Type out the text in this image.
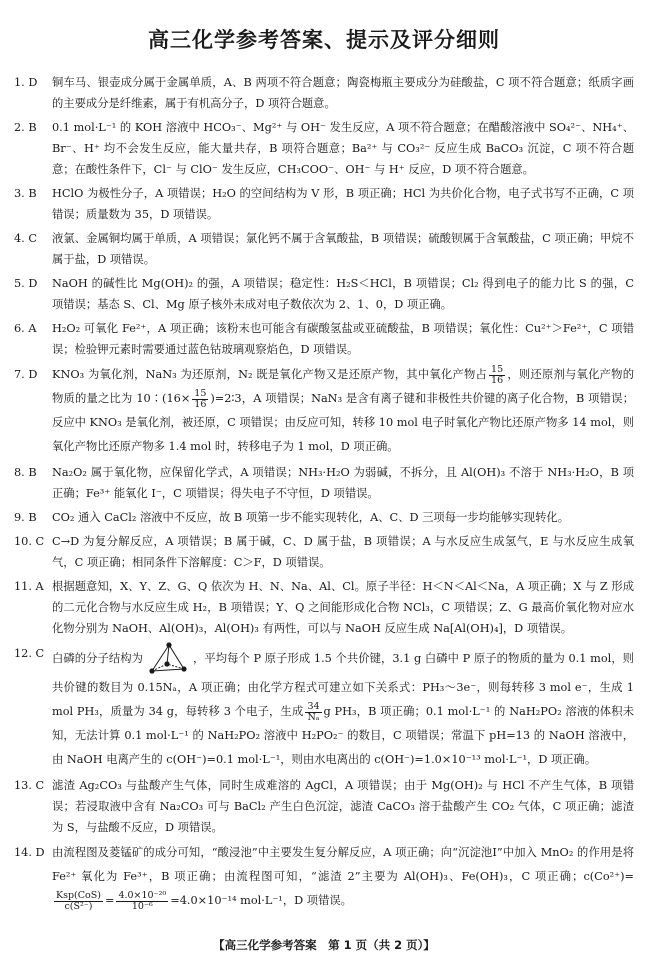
高三化学参考答案、提示及评分细则
1. D	铜车马、银壶成分属于金属单质，A、B 两项不符合题意；陶瓷梅瓶主要成分为硅酸盐，C 项不符合题意；纸质字画的主要成分是纤维素，属于有机高分子，D 项符合题意。
2. B	0.1 mol·L⁻¹ 的 KOH 溶液中 HCO₃⁻、Mg²⁺ 与 OH⁻ 发生反应，A 项不符合题意；在醋酸溶液中 SO₄²⁻、NH₄⁺、Br⁻、H⁺ 均不会发生反应，能大量共存，B 项符合题意；Ba²⁺ 与 CO₃²⁻ 反应生成 BaCO₃ 沉淀，C 项不符合题意；在酸性条件下，Cl⁻ 与 ClO⁻ 发生反应，CH₃COO⁻、OH⁻ 与 H⁺ 反应，D 项不符合题意。
3. B	HClO 为极性分子，A 项错误；H₂O 的空间结构为 V 形，B 项正确；HCl 为共价化合物，电子式书写不正确，C 项错误；质量数为 35，D 项错误。
4. C	液氯、金属铜均属于单质，A 项错误；氯化钙不属于含氧酸盐，B 项错误；硫酸钡属于含氧酸盐，C 项正确；甲烷不属于盐，D 项错误。
5. D	NaOH 的碱性比 Mg(OH)₂ 的强，A 项错误；稳定性：H₂S＜HCl，B 项错误；Cl₂ 得到电子的能力比 S 的强，C 项错误；基态 S、Cl、Mg 原子核外未成对电子数依次为 2、1、0，D 项正确。
6. A	H₂O₂ 可氧化 Fe²⁺，A 项正确；该粉末也可能含有碳酸氢盐或亚硫酸盐，B 项错误；氧化性：Cu²⁺＞Fe²⁺，C 项错误；检验钾元素时需要通过蓝色钴玻璃观察焰色，D 项错误。
7. D	KNO₃ 为氧化剂，NaN₃ 为还原剂，N₂ 既是氧化产物又是还原产物，其中氧化产物占 $\frac{15}{16}$ ，则还原剂与氧化产物的物质的量之比为 10∶(16× $\frac{15}{16}$ )=2∶3，A 项错误；NaN₃ 是含有离子键和非极性共价键的离子化合物，B 项错误；反应中 KNO₃ 是氧化剂，被还原，C 项错误；由反应可知，转移 10 mol 电子时氧化产物比还原产物多 14 mol，则氧化产物比还原产物多 1.4 mol 时，转移电子为 1 mol，D 项正确。
8. B	Na₂O₂ 属于氧化物，应保留化学式，A 项错误；NH₃·H₂O 为弱碱，不拆分，且 Al(OH)₃ 不溶于 NH₃·H₂O，B 项正确；Fe³⁺ 能氧化 I⁻，C 项错误；得失电子不守恒，D 项错误。
9. B	CO₂ 通入 CaCl₂ 溶液中不反应，故 B 项第一步不能实现转化，A、C、D 三项每一步均能够实现转化。
10. C C→D 为复分解反应，A 项错误；B 属于碱，C、D 属于盐，B 项错误；A 与水反应生成氢气，E 与水反应生成氧气，C 项正确；相同条件下溶解度：C＞F，D 项错误。
11. A 根据题意知，X、Y、Z、G、Q 依次为 H、N、Na、Al、Cl。原子半径：H＜N＜Al＜Na，A 项正确；X 与 Z 形成的二元化合物与水反应生成 H₂，B 项错误；Y、Q 之间能形成化合物 NCl₃，C 项错误；Z、G 最高价氧化物对应水化物分别为 NaOH、Al(OH)₃，Al(OH)₃ 有两性，可以与 NaOH 反应生成 Na[Al(OH)₄]，D 项错误。
12. C 白磷的分子结构为	，平均每个 P 原子形成 1.5 个共价键，3.1 g 白磷中 P 原子的物质的量为 0.1 mol，则共价键的数目为 0.15Nₐ，A 项正确；由化学方程式可建立如下关系式：PH₃～3e⁻，则每转移 3 mol e⁻，生成 1 mol PH₃，质量为 34 g，每转移 3 个电子，生成 $\frac{34}{\text{Nₐ}}$ g PH₃，B 项正确；0.1 mol·L⁻¹ 的 NaH₂PO₂ 溶液的体积未知，无法计算 0.1 mol·L⁻¹ 的 NaH₂PO₂ 溶液中 H₂PO₂⁻ 的数目，C 项错误；常温下 pH=13 的 NaOH 溶液中，由 NaOH 电离产生的 c(OH⁻)=0.1 mol·L⁻¹，则由水电离出的 c(OH⁻)=1.0×10⁻¹³ mol·L⁻¹，D 项正确。
13. C 滤渣 Ag₂CO₃ 与盐酸产生气体，同时生成难溶的 AgCl，A 项错误；由于 Mg(OH)₂ 与 HCl 不产生气体，B 项错误；若浸取液中含有 Na₂CO₃ 可与 BaCl₂ 产生白色沉淀，滤渣 CaCO₃ 溶于盐酸产生 CO₂ 气体，C 项正确；滤渣为 S，与盐酸不反应，D 项错误。
14. D 由流程图及菱锰矿的成分可知，“酸浸池”中主要发生复分解反应，A 项正确；向“沉淀池Ⅰ”中加入 MnO₂ 的作用是将 Fe²⁺ 氧化为 Fe³⁺，B 项正确；由流程图可知，“滤渣 2”主要为 Al(OH)₃、Fe(OH)₃，C 项正确；c(Co²⁺)=
$\frac{\text{Ksp(CoS)}}{\text{c(S²⁻)}} = \frac{\text{4.0×10⁻²⁰}}{\text{10⁻⁶}} =4.0\times 10^{-14}$ mol·L⁻¹，D 项错误。
【高三化学参考答案　第 1 页（共 2 页）】
